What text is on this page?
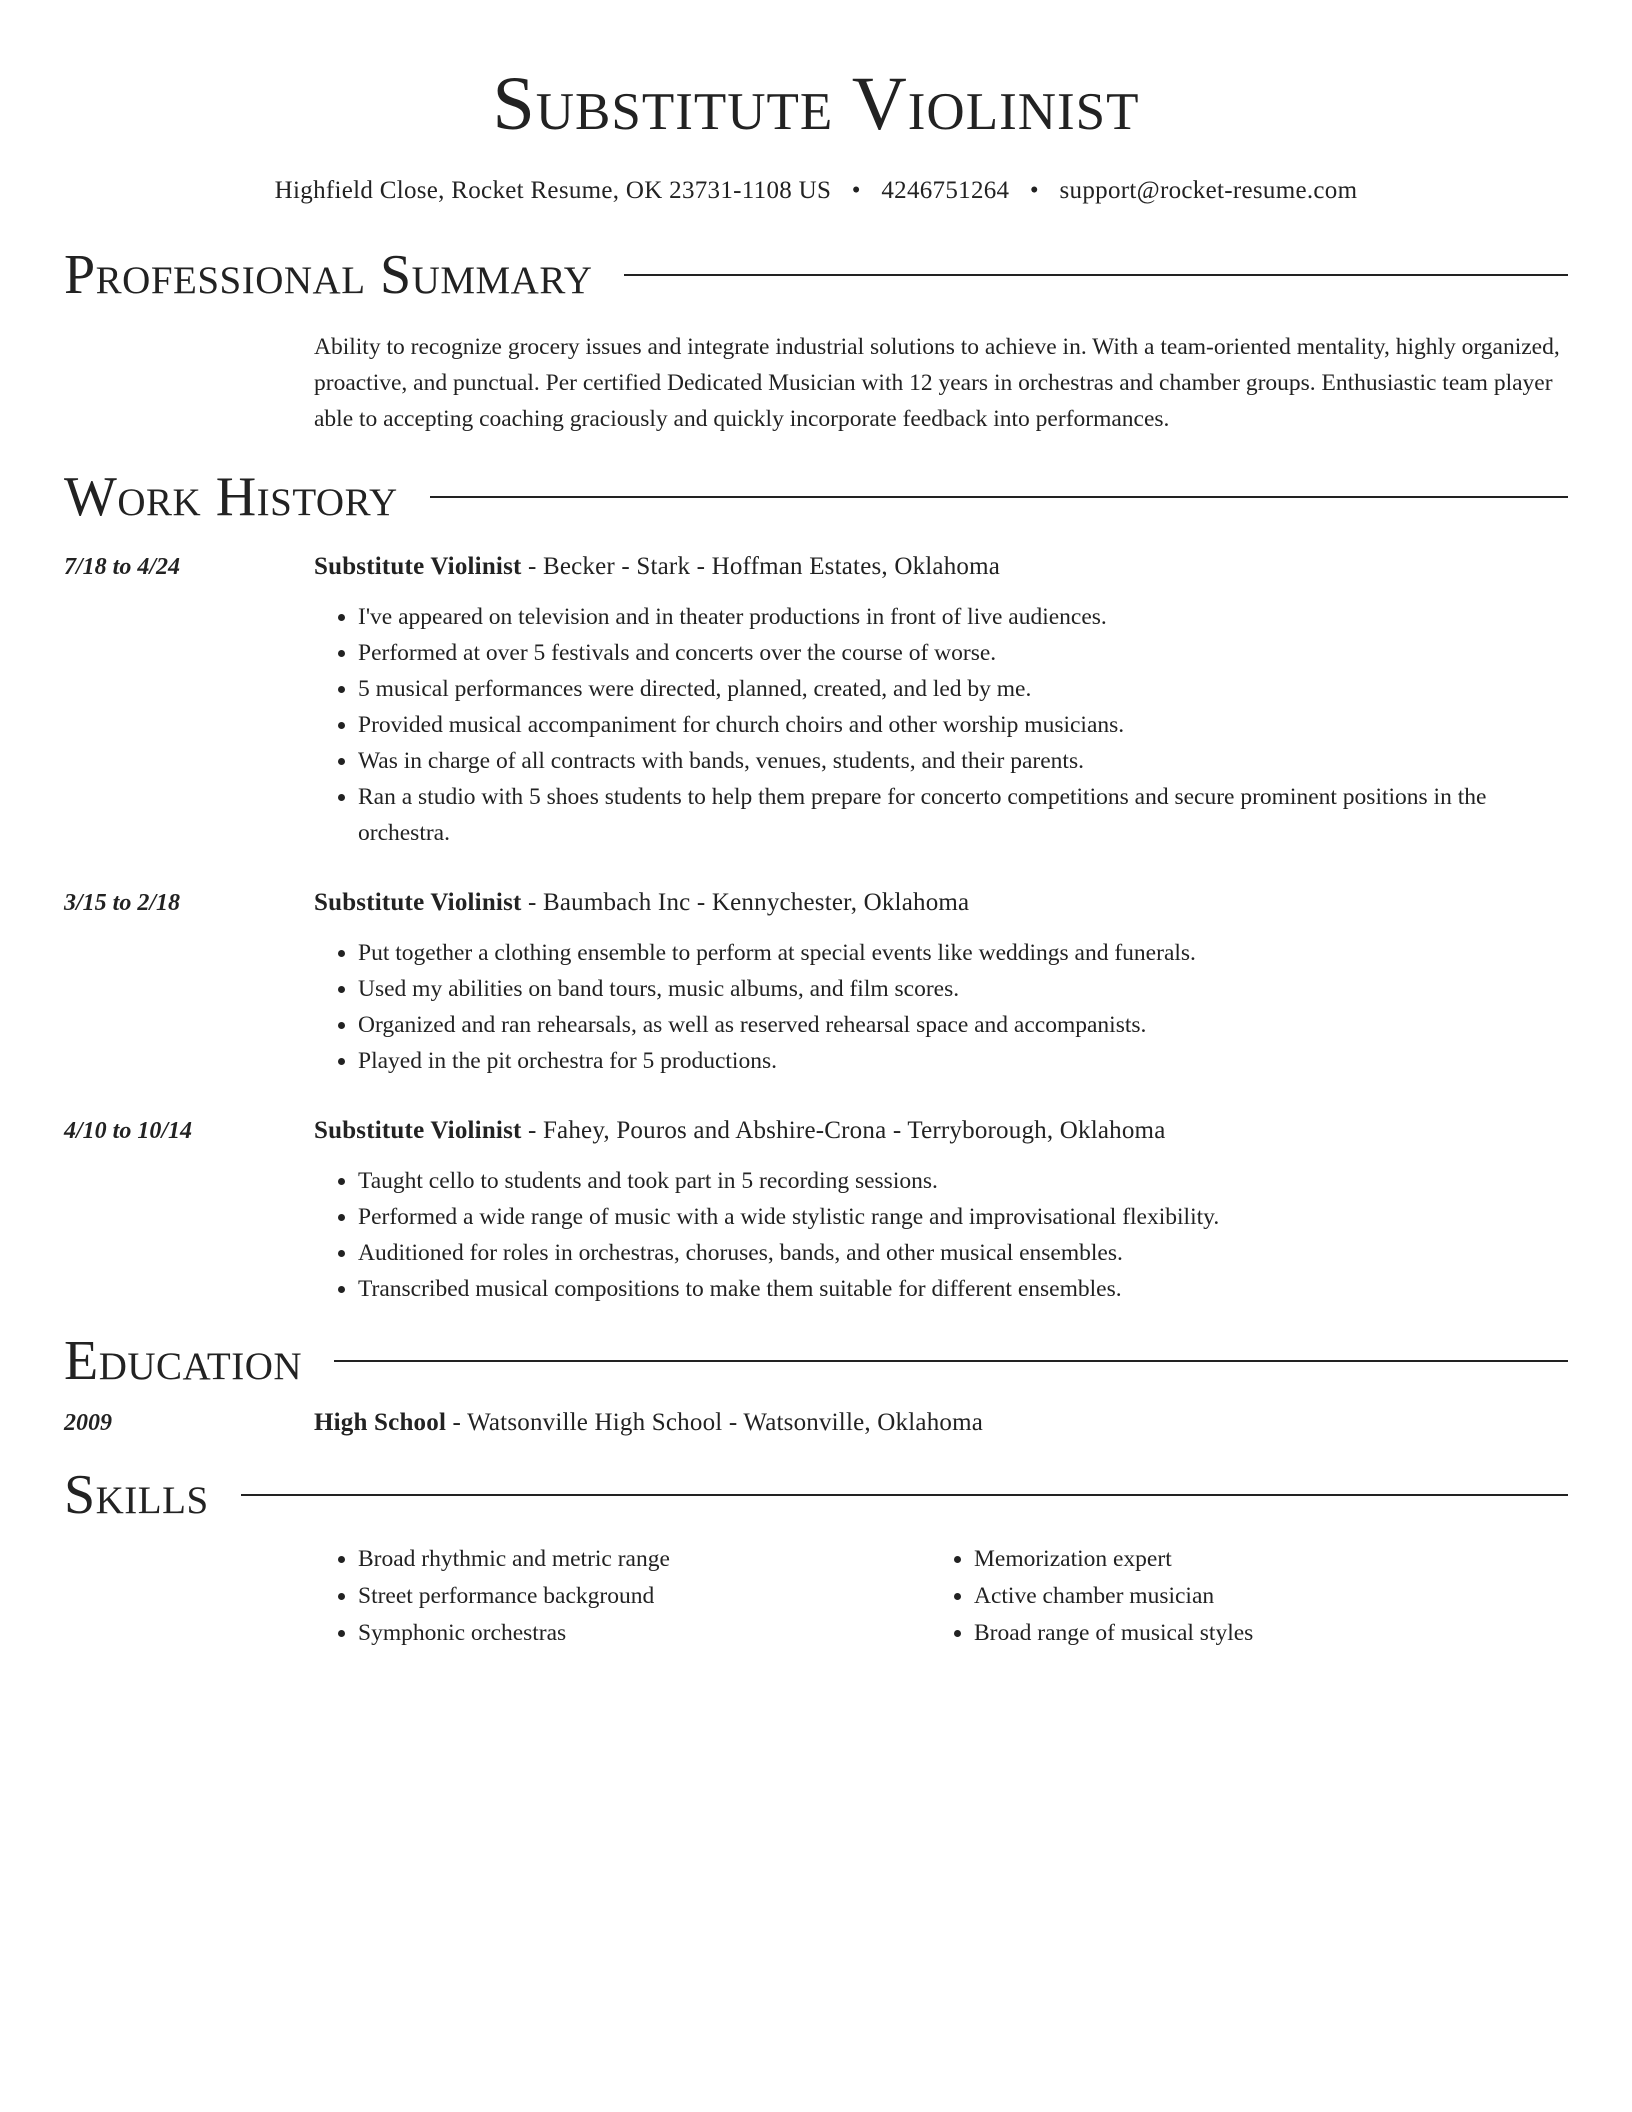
Substitute Violinist
Highfield Close, Rocket Resume, OK 23731-1108 US • 4246751264 • support@rocket-resume.com
Professional Summary

Ability to recognize grocery issues and integrate industrial solutions to achieve in. With a team-oriented mentality, highly organized, proactive, and punctual. Per certified Dedicated Musician with 12 years in orchestras and chamber groups. Enthusiastic team player able to accepting coaching graciously and quickly incorporate feedback into performances.

Work History
7/18 to 4/24	Substitute Violinist - Becker - Stark - Hoffman Estates, Oklahoma
• I've appeared on television and in theater productions in front of live audiences.
• Performed at over 5 festivals and concerts over the course of worse.
• 5 musical performances were directed, planned, created, and led by me.
• Provided musical accompaniment for church choirs and other worship musicians.
• Was in charge of all contracts with bands, venues, students, and their parents.
• Ran a studio with 5 shoes students to help them prepare for concerto competitions and secure prominent positions in the orchestra.
3/15 to 2/18	Substitute Violinist - Baumbach Inc - Kennychester, Oklahoma
• Put together a clothing ensemble to perform at special events like weddings and funerals.
• Used my abilities on band tours, music albums, and film scores.
• Organized and ran rehearsals, as well as reserved rehearsal space and accompanists.
• Played in the pit orchestra for 5 productions.
4/10 to 10/14	Substitute Violinist - Fahey, Pouros and Abshire-Crona - Terryborough, Oklahoma
• Taught cello to students and took part in 5 recording sessions.
• Performed a wide range of music with a wide stylistic range and improvisational flexibility.
• Auditioned for roles in orchestras, choruses, bands, and other musical ensembles.
• Transcribed musical compositions to make them suitable for different ensembles.
Education
2009	High School - Watsonville High School - Watsonville, Oklahoma
Skills
• Broad rhythmic and metric range
• Street performance background
• Symphonic orchestras
• Memorization expert
• Active chamber musician
• Broad range of musical styles
